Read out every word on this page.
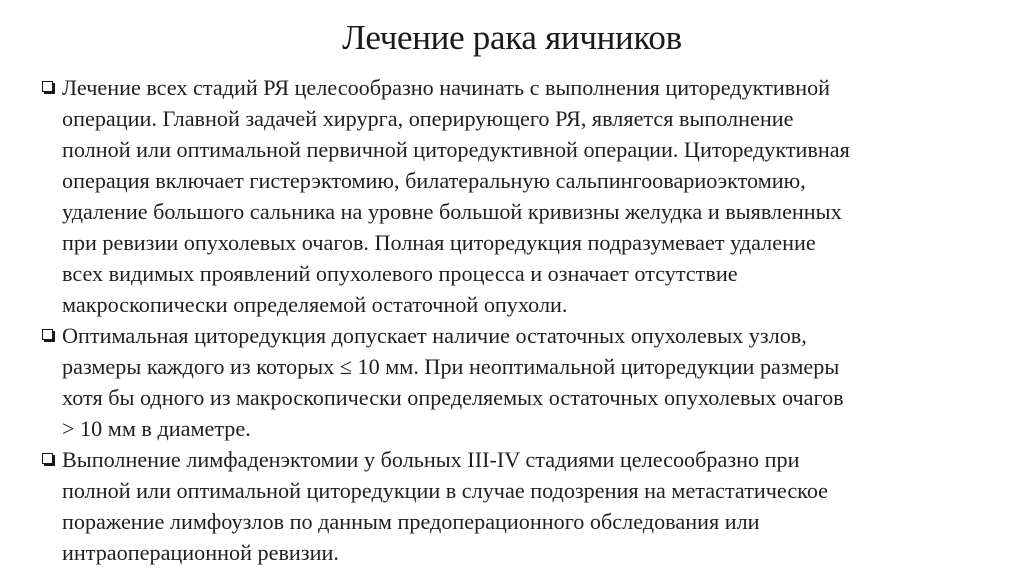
Лечение рака яичников
Лечение всех стадий РЯ целесообразно начинать с выполнения циторедуктивной
операции. Главной задачей хирурга, оперирующего РЯ, является выполнение
полной или оптимальной первичной циторедуктивной операции. Циторедуктивная
операция включает гистерэктомию, билатеральную сальпингоовариоэктомию,
удаление большого сальника на уровне большой кривизны желудка и выявленных
при ревизии опухолевых очагов. Полная циторедукция подразумевает удаление
всех видимых проявлений опухолевого процесса и означает отсутствие
макроскопически определяемой остаточной опухоли.
Оптимальная циторедукция допускает наличие остаточных опухолевых узлов,
размеры каждого из которых ≤ 10 мм. При неоптимальной циторедукции размеры
хотя бы одного из макроскопически определяемых остаточных опухолевых очагов
> 10 мм в диаметре.
Выполнение лимфаденэктомии у больных III-IV стадиями целесообразно при
полной или оптимальной циторедукции в случае подозрения на метастатическое
поражение лимфоузлов по данным предоперационного обследования или
интраоперационной ревизии.
